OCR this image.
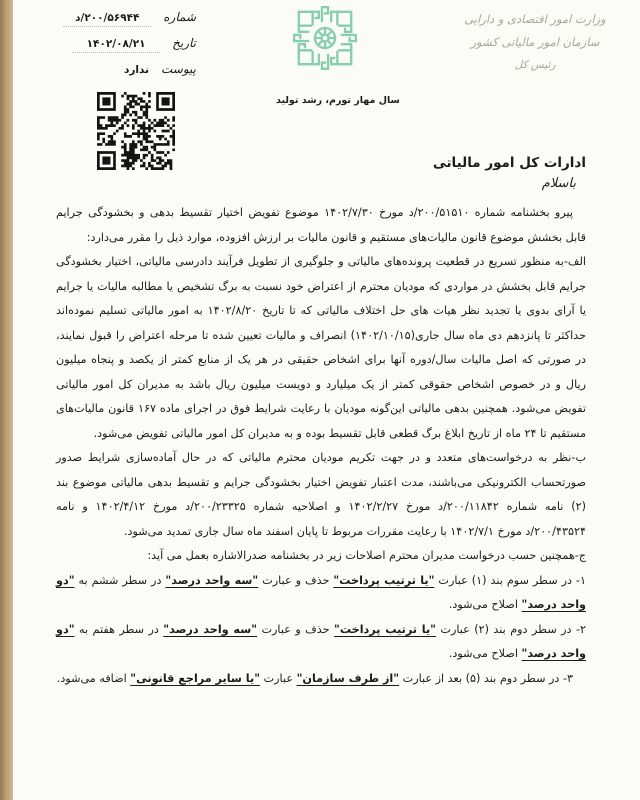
شماره
۲۰۰/۵۶۹۴۴/د
تاریخ
۱۴۰۲/۰۸/۲۱
پیوست
ندارد
وزارت امور اقتصادی و دارایی
سازمان امور مالیاتی کشور
رئیس کل
سال مهار تورم، رشد تولید
ادارات کل امور مالیاتی
باسلام
پیرو بخشنامه شماره ۲۰۰/۵۱۵۱۰/د مورخ ۱۴۰۲/۷/۳۰ موضوع تفویض اختیار تقسیط بدهی و بخشودگی جرایم قابل بخشش موضوع قانون مالیات‌های مستقیم و قانون مالیات بر ارزش افزوده، موارد ذیل را مقرر می‌دارد:
الف-به منظور تسریع در قطعیت پرونده‌های مالیاتی و جلوگیری از تطویل فرآیند دادرسی مالیاتی، اختیار بخشودگی جرایم قابل بخشش در مواردی که مودیان محترم از اعتراض خود نسبت به برگ تشخیص یا مطالبه مالیات یا جرایم یا آرای بدوی یا تجدید نظر هیات های حل اختلاف مالیاتی که تا تاریخ ۱۴۰۲/۸/۲۰ به امور مالیاتی تسلیم نموده‌اند حداکثر تا پانزدهم دی ماه سال جاری(۱۴۰۲/۱۰/۱۵) انصراف و مالیات تعیین شده تا مرحله اعتراض را قبول نمایند، در صورتی که اصل مالیات سال/دوره آنها برای اشخاص حقیقی در هر یک از منابع کمتر از یکصد و پنجاه میلیون ریال و در خصوص اشخاص حقوقی کمتر از یک میلیارد و دویست میلیون ریال باشد به مدیران کل امور مالیاتی تفویض می‌شود. همچنین بدهی مالیاتی این‌گونه مودیان با رعایت شرایط فوق در اجرای ماده ۱۶۷ قانون مالیات‌های مستقیم تا ۲۴ ماه از تاریخ ابلاغ برگ قطعی قابل تقسیط بوده و به مدیران کل امور مالیاتی تفویض می‌شود.
ب-نظر به درخواست‌های متعدد و در جهت تکریم مودیان محترم مالیاتی که در حال آماده‌سازی شرایط صدور صورتحساب الکترونیکی می‌باشند، مدت اعتبار تفویض اختیار بخشودگی جرایم و تقسیط بدهی مالیاتی موضوع بند (۲) نامه شماره ۲۰۰/۱۱۸۴۲/د مورخ ۱۴۰۲/۲/۲۷ و اصلاحیه شماره ۲۰۰/۲۳۳۲۵/د مورخ ۱۴۰۲/۴/۱۲ و نامه ۲۰۰/۴۳۵۲۴/د مورخ ۱۴۰۲/۷/۱ با رعایت مقررات مربوط تا پایان اسفند ماه سال جاری تمدید می‌شود.
ج-همچنین حسب درخواست مدیران محترم اصلاحات زیر در بخشنامه صدرالاشاره بعمل می آید:
۱- در سطر سوم بند (۱) عبارت "یا ترتیب پرداخت" حذف و عبارت "سه واحد درصد" در سطر ششم به "دو واحد درصد" اصلاح می‌شود.
۲- در سطر دوم بند (۲) عبارت "یا ترتیب پرداخت" حذف و عبارت "سه واحد درصد" در سطر هفتم به "دو واحد درصد" اصلاح می‌شود.
۳- در سطر دوم بند (۵) بعد از عبارت "از طرف سازمان" عبارت "یا سایر مراجع قانونی" اضافه می‌شود.
